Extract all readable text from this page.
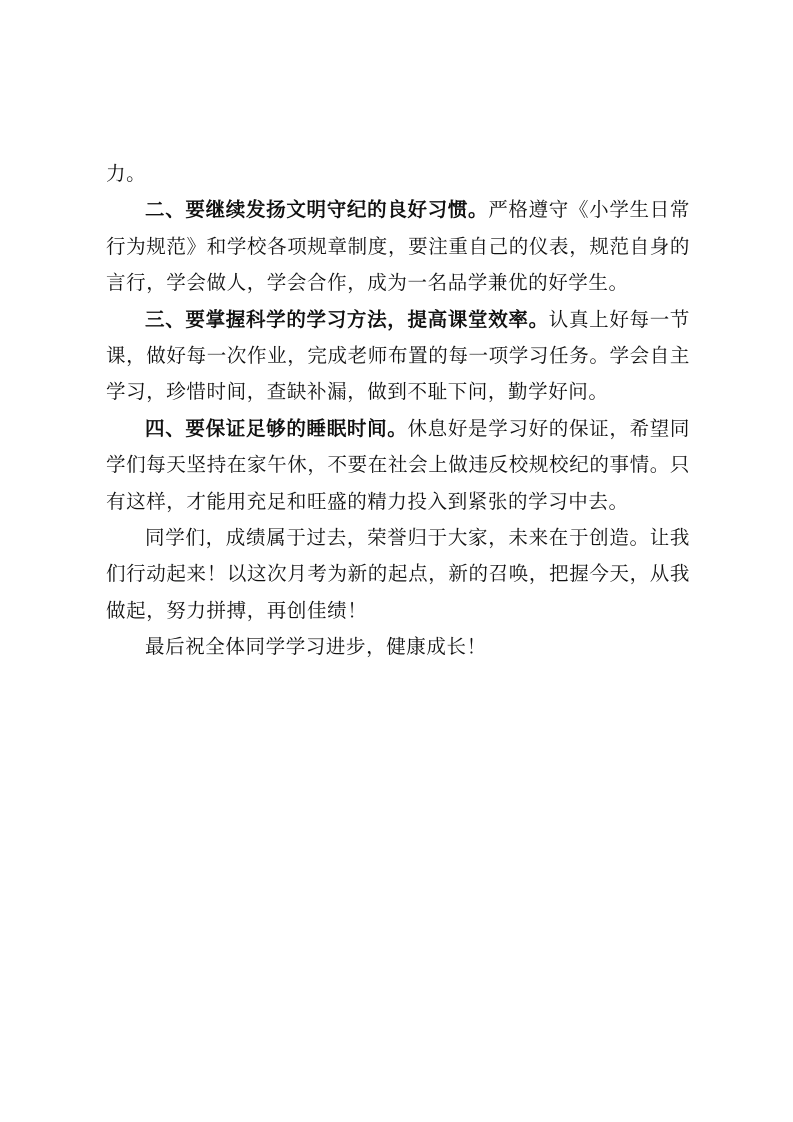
力。

二、要继续发扬文明守纪的良好习惯。严格遵守《小学生日常行为规范》和学校各项规章制度，要注重自己的仪表，规范自身的言行，学会做人，学会合作，成为一名品学兼优的好学生。

三、要掌握科学的学习方法，提高课堂效率。认真上好每一节课，做好每一次作业，完成老师布置的每一项学习任务。学会自主学习，珍惜时间，查缺补漏，做到不耻下问，勤学好问。

四、要保证足够的睡眠时间。休息好是学习好的保证，希望同学们每天坚持在家午休，不要在社会上做违反校规校纪的事情。只有这样，才能用充足和旺盛的精力投入到紧张的学习中去。

同学们，成绩属于过去，荣誉归于大家，未来在于创造。让我们行动起来！以这次月考为新的起点，新的召唤，把握今天，从我做起，努力拼搏，再创佳绩！

最后祝全体同学学习进步，健康成长！
